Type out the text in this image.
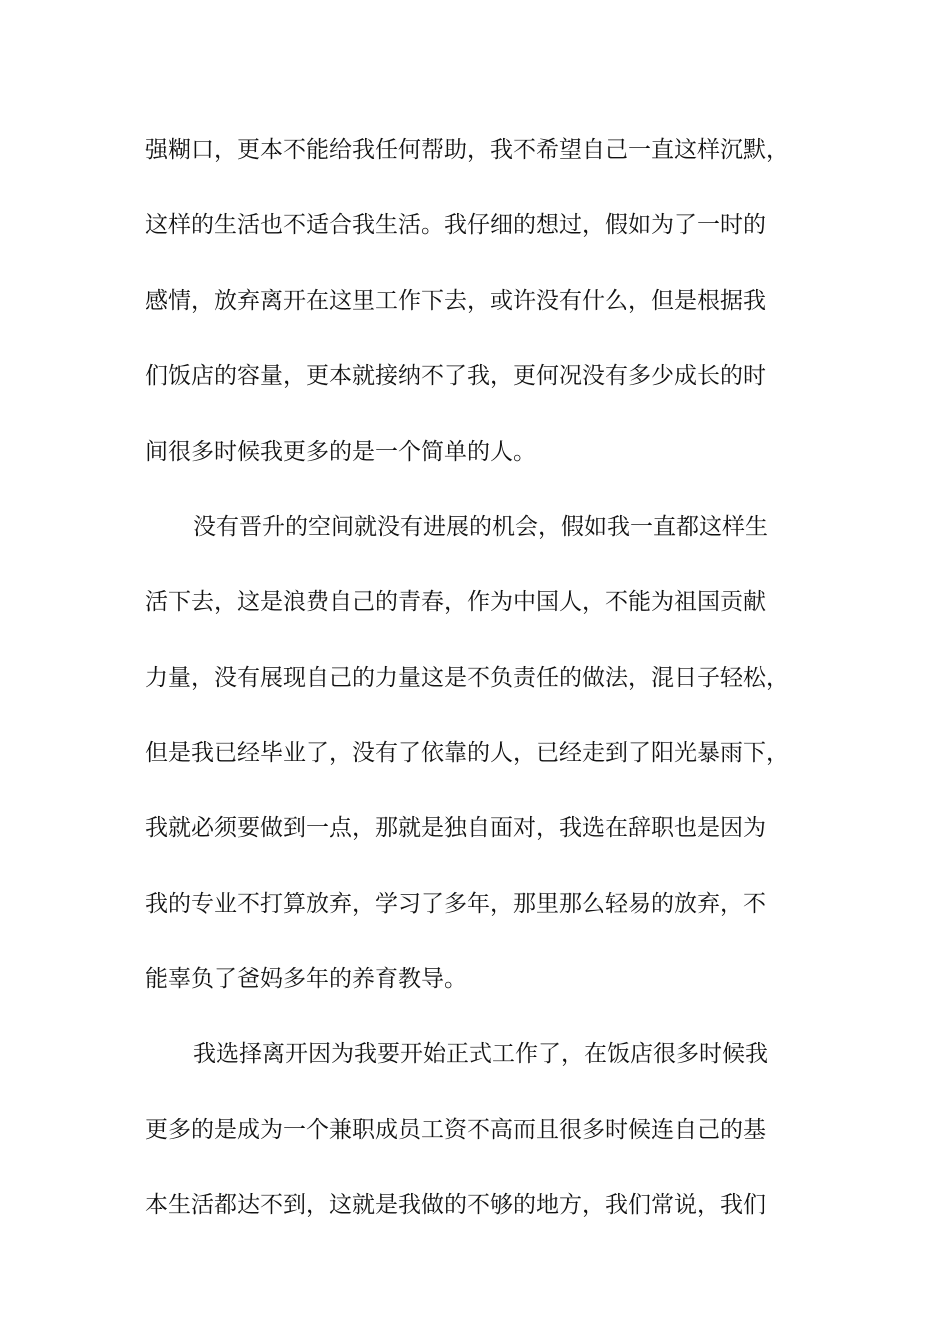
强糊口，更本不能给我任何帮助，我不希望自己一直这样沉默，
这样的生活也不适合我生活。我仔细的想过，假如为了一时的
感情，放弃离开在这里工作下去，或许没有什么，但是根据我
们饭店的容量，更本就接纳不了我，更何况没有多少成长的时
间很多时候我更多的是一个简单的人。
没有晋升的空间就没有进展的机会，假如我一直都这样生
活下去，这是浪费自己的青春，作为中国人，不能为祖国贡献
力量，没有展现自己的力量这是不负责任的做法，混日子轻松，
但是我已经毕业了，没有了依靠的人，已经走到了阳光暴雨下，
我就必须要做到一点，那就是独自面对，我选在辞职也是因为
我的专业不打算放弃，学习了多年，那里那么轻易的放弃，不
能辜负了爸妈多年的养育教导。
我选择离开因为我要开始正式工作了，在饭店很多时候我
更多的是成为一个兼职成员工资不高而且很多时候连自己的基
本生活都达不到，这就是我做的不够的地方，我们常说，我们
